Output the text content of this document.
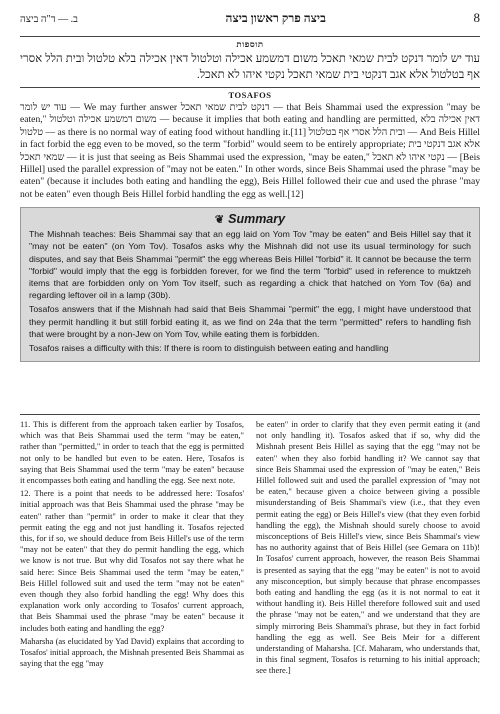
ב. — ד"ה ביצה	ביצה פרק ראשון ביצה	8
תוספות
עוד יש לומר דנקט לבית שמאי תאכל משום דמשמע אכילה וטלטול דאין אכילה בלא טלטול ובית הלל אסרי אף בטלטול אלא אגב דנקטי בית שמאי תאכל נקטי איהו לא תאכל.
TOSAFOS
עוד יש לומר — We may further answer דנקט לבית שמאי תאכל — that Beis Shammai used the expression "may be eaten," משום דמשמע אכילה וטלטול — because it implies that both eating and handling are permitted, דאין אכילה בלא טלטול — as there is no normal way of eating food without handling it.[11] ובית הלל אסרי אף בטלטול — And Beis Hillel in fact forbid the egg even to be moved, so the term "forbid" would seem to be entirely appropriate; אלא אגב דנקטי בית שמאי תאכל — it is just that seeing as Beis Shammai used the expression, "may be eaten," נקטי איהו לא תאכל — [Beis Hillel] used the parallel expression of "may not be eaten." In other words, since Beis Shammai used the phrase "may be eaten" (because it includes both eating and handling the egg), Beis Hillel followed their cue and used the phrase "may not be eaten" even though Beis Hillel forbid handling the egg as well.[12]
❦ Summary

The Mishnah teaches: Beis Shammai say that an egg laid on Yom Tov "may be eaten" and Beis Hillel say that it "may not be eaten" (on Yom Tov). Tosafos asks why the Mishnah did not use its usual terminology for such disputes, and say that Beis Shammai "permit" the egg whereas Beis Hillel "forbid" it. It cannot be because the term "forbid" would imply that the egg is forbidden forever, for we find the term "forbid" used in reference to muktzeh items that are forbidden only on Yom Tov itself, such as regarding a chick that hatched on Yom Tov (6a) and regarding leftover oil in a lamp (30b).

Tosafos answers that if the Mishnah had said that Beis Shammai "permit" the egg, I might have understood that they permit handling it but still forbid eating it, as we find on 24a that the term "permitted" refers to handling fish that were brought by a non-Jew on Yom Tov, while eating them is forbidden.

Tosafos raises a difficulty with this: If there is room to distinguish between eating and handling

11. This is different from the approach taken earlier by Tosafos, which was that Beis Shammai used the term "may be eaten," rather than "permitted," in order to teach that the egg is permitted not only to be handled but even to be eaten. Here, Tosafos is saying that Beis Shammai used the term "may be eaten" because it encompasses both eating and handling the egg. See next note.

12. There is a point that needs to be addressed here: Tosafos' initial approach was that Beis Shammai used the phrase "may be eaten" rather than "permit" in order to make it clear that they permit eating the egg and not just handling it. Tosafos rejected this, for if so, we should deduce from Beis Hillel's use of the term "may not be eaten" that they do permit handling the egg, which we know is not true. But why did Tosafos not say there what he said here: Since Beis Shammai used the term "may be eaten," Beis Hillel followed suit and used the term "may not be eaten" even though they also forbid handling the egg! Why does this explanation work only according to Tosafos' current approach, that Beis Shammai used the phrase "may be eaten" because it includes both eating and handling the egg?

Maharsha (as elucidated by Yad David) explains that according to Tosafos' initial approach, the Mishnah presented Beis Shammai as saying that the egg "may

be eaten" in order to clarify that they even permit eating it (and not only handling it). Tosafos asked that if so, why did the Mishnah present Beis Hillel as saying that the egg "may not be eaten" when they also forbid handling it? We cannot say that since Beis Shammai used the expression of "may be eaten," Beis Hillel followed suit and used the parallel expression of "may not be eaten," because given a choice between giving a possible misunderstanding of Beis Shammai's view (i.e., that they even permit eating the egg) or Beis Hillel's view (that they even forbid handling the egg), the Mishnah should surely choose to avoid misconceptions of Beis Hillel's view, since Beis Shammai's view has no authority against that of Beis Hillel (see Gemara on 11b)! In Tosafos' current approach, however, the reason Beis Shammai is presented as saying that the egg "may be eaten" is not to avoid any misconception, but simply because that phrase encompasses both eating and handling the egg (as it is not normal to eat it without handling it). Beis Hillel therefore followed suit and used the phrase "may not be eaten," and we understand that they are simply mirroring Beis Shammai's phrase, but they in fact forbid handling the egg as well. See Beis Meir for a different understanding of Maharsha. [Cf. Maharam, who understands that, in this final segment, Tosafos is returning to his initial approach; see there.]
